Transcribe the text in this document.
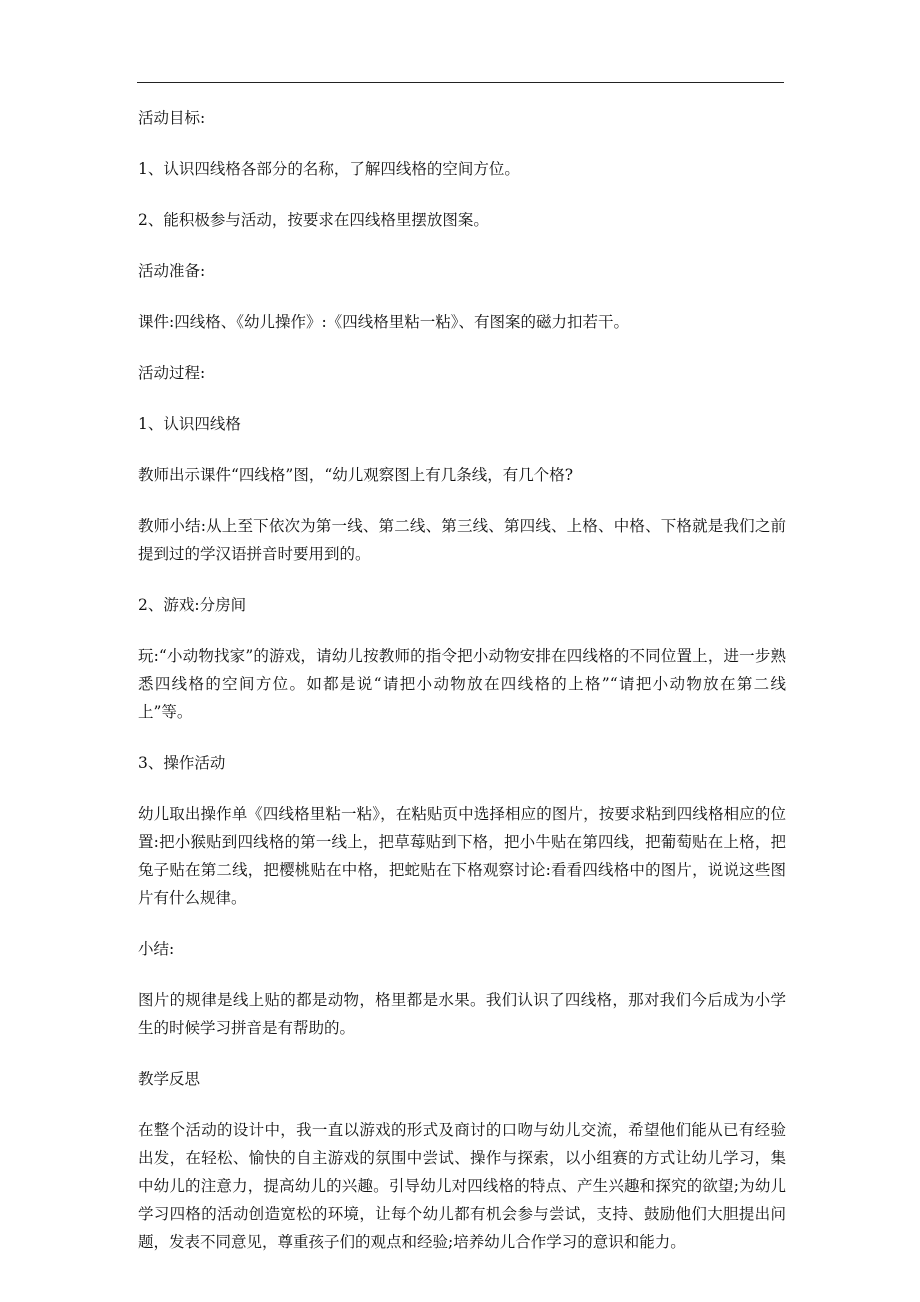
活动目标:

1、认识四线格各部分的名称，了解四线格的空间方位。

2、能积极参与活动，按要求在四线格里摆放图案。

活动准备:

课件:四线格、《幼儿操作》:《四线格里粘一粘》、有图案的磁力扣若干。

活动过程:

1、认识四线格

教师出示课件“四线格”图，“幼儿观察图上有几条线，有几个格?

教师小结:从上至下依次为第一线、第二线、第三线、第四线、上格、中格、下格就是我们之前提到过的学汉语拼音时要用到的。

2、游戏:分房间

玩:“小动物找家”的游戏，请幼儿按教师的指令把小动物安排在四线格的不同位置上，进一步熟悉四线格的空间方位。如都是说“请把小动物放在四线格的上格”“请把小动物放在第二线上”等。

3、操作活动

幼儿取出操作单《四线格里粘一粘》，在粘贴页中选择相应的图片，按要求粘到四线格相应的位置:把小猴贴到四线格的第一线上，把草莓贴到下格，把小牛贴在第四线，把葡萄贴在上格，把兔子贴在第二线，把樱桃贴在中格，把蛇贴在下格观察讨论:看看四线格中的图片，说说这些图片有什么规律。

小结:

图片的规律是线上贴的都是动物，格里都是水果。我们认识了四线格，那对我们今后成为小学生的时候学习拼音是有帮助的。

教学反思

在整个活动的设计中，我一直以游戏的形式及商讨的口吻与幼儿交流，希望他们能从已有经验出发，在轻松、愉快的自主游戏的氛围中尝试、操作与探索，以小组赛的方式让幼儿学习，集中幼儿的注意力，提高幼儿的兴趣。引导幼儿对四线格的特点、产生兴趣和探究的欲望;为幼儿学习四格的活动创造宽松的环境，让每个幼儿都有机会参与尝试，支持、鼓励他们大胆提出问题，发表不同意见，尊重孩子们的观点和经验;培养幼儿合作学习的意识和能力。
